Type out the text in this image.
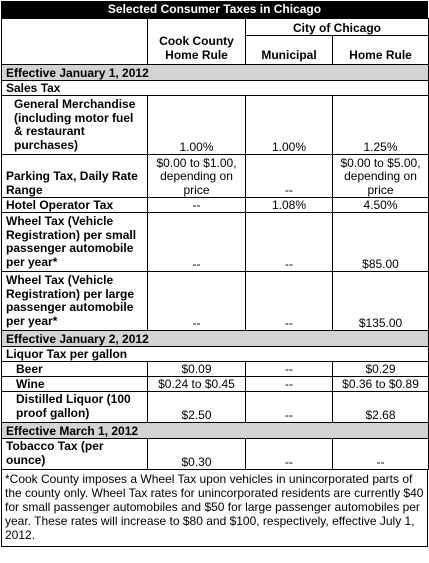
Selected Consumer Taxes in Chicago
	Cook County Home Rule	City of Chicago	
		Municipal	Home Rule
Effective January 1, 2012			
Sales Tax			
General Merchandise (including motor fuel & restaurant purchases)	1.00%	1.00%	1.25%
Parking Tax, Daily Rate Range	$0.00 to $1.00, depending on price	--	$0.00 to $5.00, depending on price
Hotel Operator Tax	--	1.08%	4.50%
Wheel Tax (Vehicle Registration) per small passenger automobile per year*	--	--	$85.00
Wheel Tax (Vehicle Registration) per large passenger automobile per year*	--	--	$135.00
Effective January 2, 2012			
Liquor Tax per gallon			
Beer	$0.09	--	$0.29
Wine	$0.24 to $0.45	--	$0.36 to $0.89
Distilled Liquor (100 proof gallon)	$2.50	--	$2.68
Effective March 1, 2012			
Tobacco Tax (per ounce)	$0.30	--	--
*Cook County imposes a Wheel Tax upon vehicles in unincorporated parts of the county only. Wheel Tax rates for unincorporated residents are currently $40 for small passenger automobiles and $50 for large passenger automobiles per year. These rates will increase to $80 and $100, respectively, effective July 1, 2012.
